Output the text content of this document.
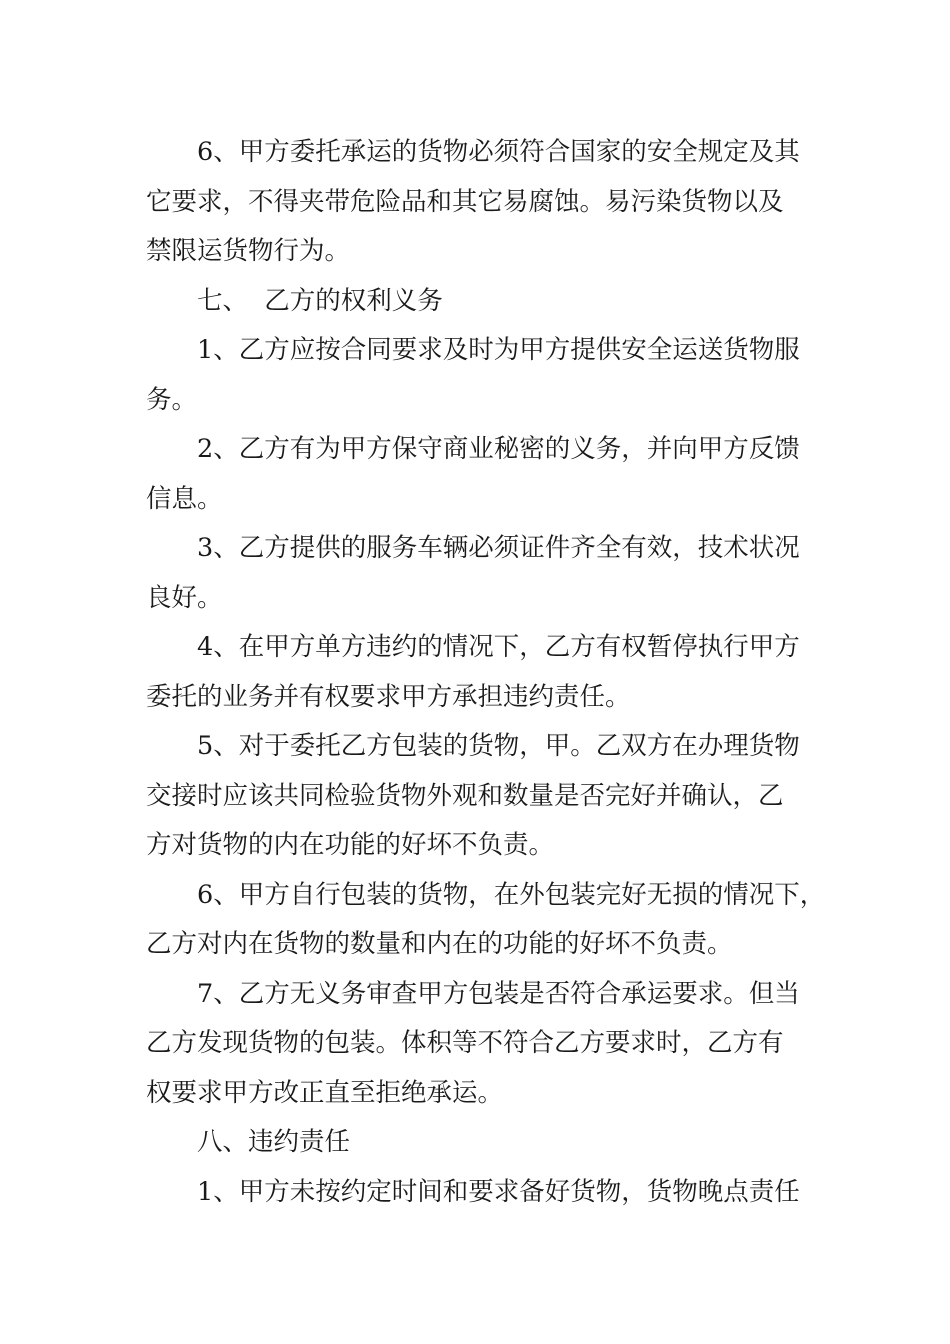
6、甲方委托承运的货物必须符合国家的安全规定及其
它要求，不得夹带危险品和其它易腐蚀。易污染货物以及
禁限运货物行为。
七、  乙方的权利义务
1、乙方应按合同要求及时为甲方提供安全运送货物服
务。
2、乙方有为甲方保守商业秘密的义务，并向甲方反馈
信息。
3、乙方提供的服务车辆必须证件齐全有效，技术状况
良好。
4、在甲方单方违约的情况下，乙方有权暂停执行甲方
委托的业务并有权要求甲方承担违约责任。
5、对于委托乙方包装的货物，甲。乙双方在办理货物
交接时应该共同检验货物外观和数量是否完好并确认，乙
方对货物的内在功能的好坏不负责。
6、甲方自行包装的货物，在外包装完好无损的情况下，
乙方对内在货物的数量和内在的功能的好坏不负责。
7、乙方无义务审查甲方包装是否符合承运要求。但当
乙方发现货物的包装。体积等不符合乙方要求时，乙方有
权要求甲方改正直至拒绝承运。
八、违约责任
1、甲方未按约定时间和要求备好货物，货物晚点责任
